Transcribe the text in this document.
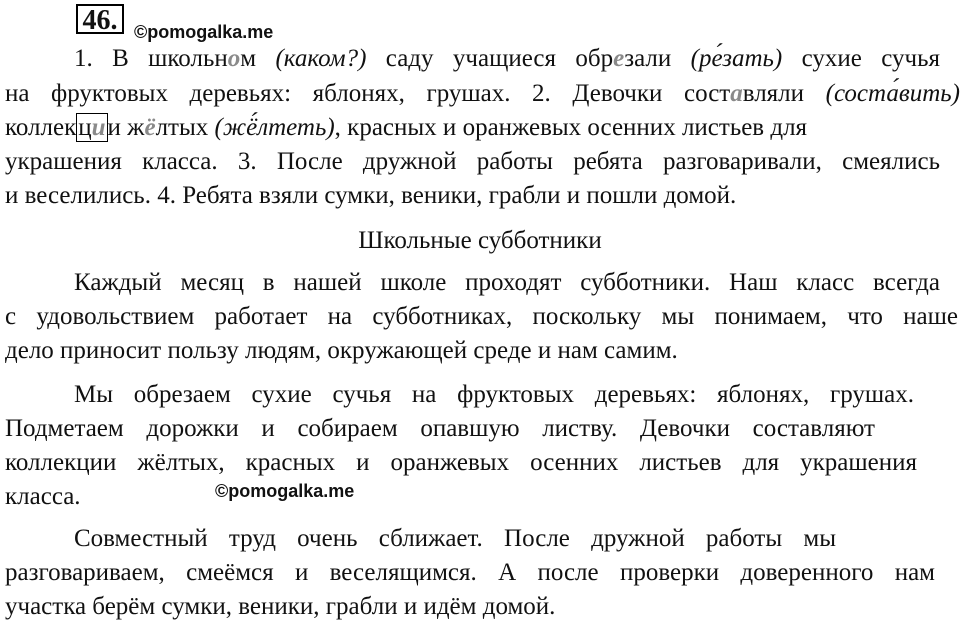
46. ©pomogalka.me
1. В школьном (каком?) саду учащиеся обрезали (ре́зать) сухие сучья
на фруктовых деревьях: яблонях, грушах. 2. Девочки составляли (соста́вить)
коллекции жёлтых (жё́лтеть), красных и оранжевых осенних листьев для
украшения класса. 3. После дружной работы ребята разговаривали, смеялись
и веселились. 4. Ребята взяли сумки, веники, грабли и пошли домой.
Школьные субботники
Каждый месяц в нашей школе проходят субботники. Наш класс всегда
с удовольствием работает на субботниках, поскольку мы понимаем, что наше
дело приносит пользу людям, окружающей среде и нам самим.
Мы обрезаем сухие сучья на фруктовых деревьях: яблонях, грушах.
Подметаем дорожки и собираем опавшую листву. Девочки составляют
коллекции жёлтых, красных и оранжевых осенних листьев для украшения
класса.	©pomogalka.me
Совместный труд очень сближает. После дружной работы мы
разговариваем, смеёмся и веселящимся. А после проверки доверенного нам
участка берём сумки, веники, грабли и идём домой.
